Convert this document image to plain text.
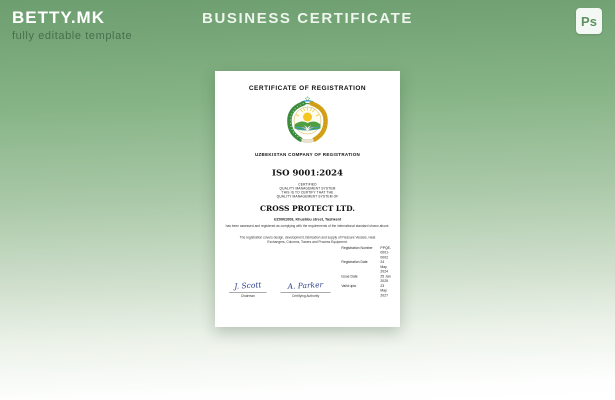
BETTY.MK
fully editable template
BUSINESS CERTIFICATE	Ps
CERTIFICATE OF REGISTRATION
UZBEKISTAN COMPANY OF REGISTRATION
ISO 9001:2024
CERTIFIED
QUALITY MANAGEMENT SYSTEM
THIS IS TO CERTIFY THAT THE
QUALITY MANAGEMENT SYSTEM OF
CROSS PROTECT LTD.
UZ0001009, Khushbu street, Tashkent
has been assessed and registered as complying with the requirements of the international standard shown above.
The registration covers design, development, fabrication and supply of Pressure Vessels, Heat Exchangers, Columns, Towers and Process Equipment.
J. Scott
Chairman
A. Parker
Certifying Authority
Registration Number	PPQE-0001-0002
Registration Date	24 May 2024
Issue Date	25 Jan 2025
Valid upto	23 May 2027
